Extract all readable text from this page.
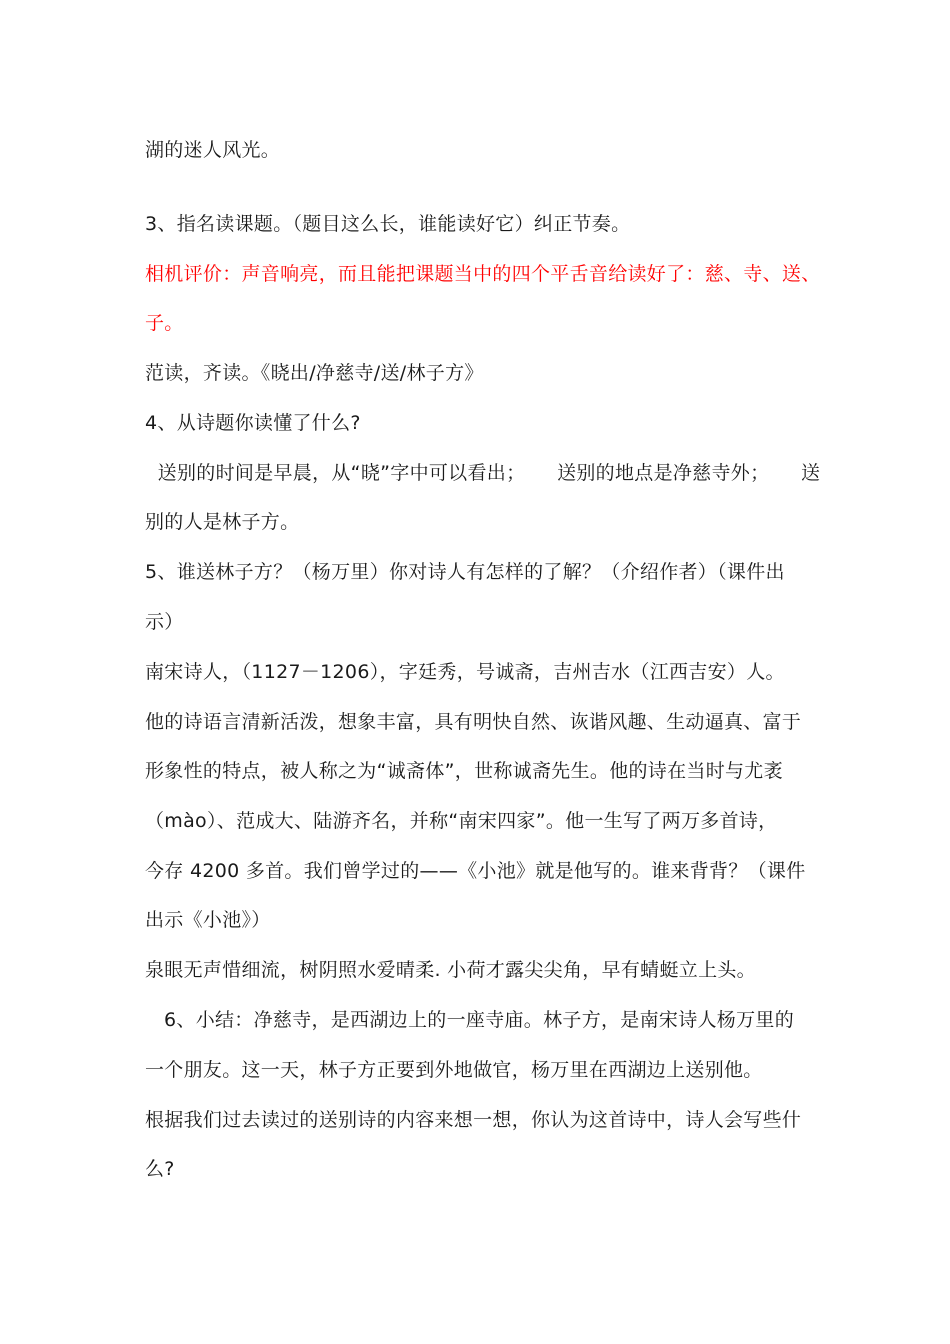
湖的迷人风光。
3、指名读课题。（题目这么长，谁能读好它）纠正节奏。
相机评价：声音响亮，而且能把课题当中的四个平舌音给读好了：慈、寺、送、
子。
范读，齐读。《晓出/净慈寺/送/林子方》
4、从诗题你读懂了什么?
送别的时间是早晨，从“晓”字中可以看出；     送别的地点是净慈寺外；     送
别的人是林子方。
5、谁送林子方？（杨万里）你对诗人有怎样的了解？（介绍作者）（课件出
示）
南宋诗人，（1127－1206），字廷秀，号诚斋，吉州吉水（江西吉安）人。
他的诗语言清新活泼，想象丰富，具有明快自然、诙谐风趣、生动逼真、富于
形象性的特点，被人称之为“诚斋体”，世称诚斋先生。他的诗在当时与尤袤
（mào）、范成大、陆游齐名，并称“南宋四家”。他一生写了两万多首诗，
今存 4200 多首。我们曾学过的——《小池》就是他写的。谁来背背？（课件
出示《小池》）
泉眼无声惜细流，树阴照水爱晴柔. 小荷才露尖尖角，早有蜻蜓立上头。
6、小结：净慈寺，是西湖边上的一座寺庙。林子方，是南宋诗人杨万里的
一个朋友。这一天，林子方正要到外地做官，杨万里在西湖边上送别他。
根据我们过去读过的送别诗的内容来想一想，你认为这首诗中，诗人会写些什
么?
